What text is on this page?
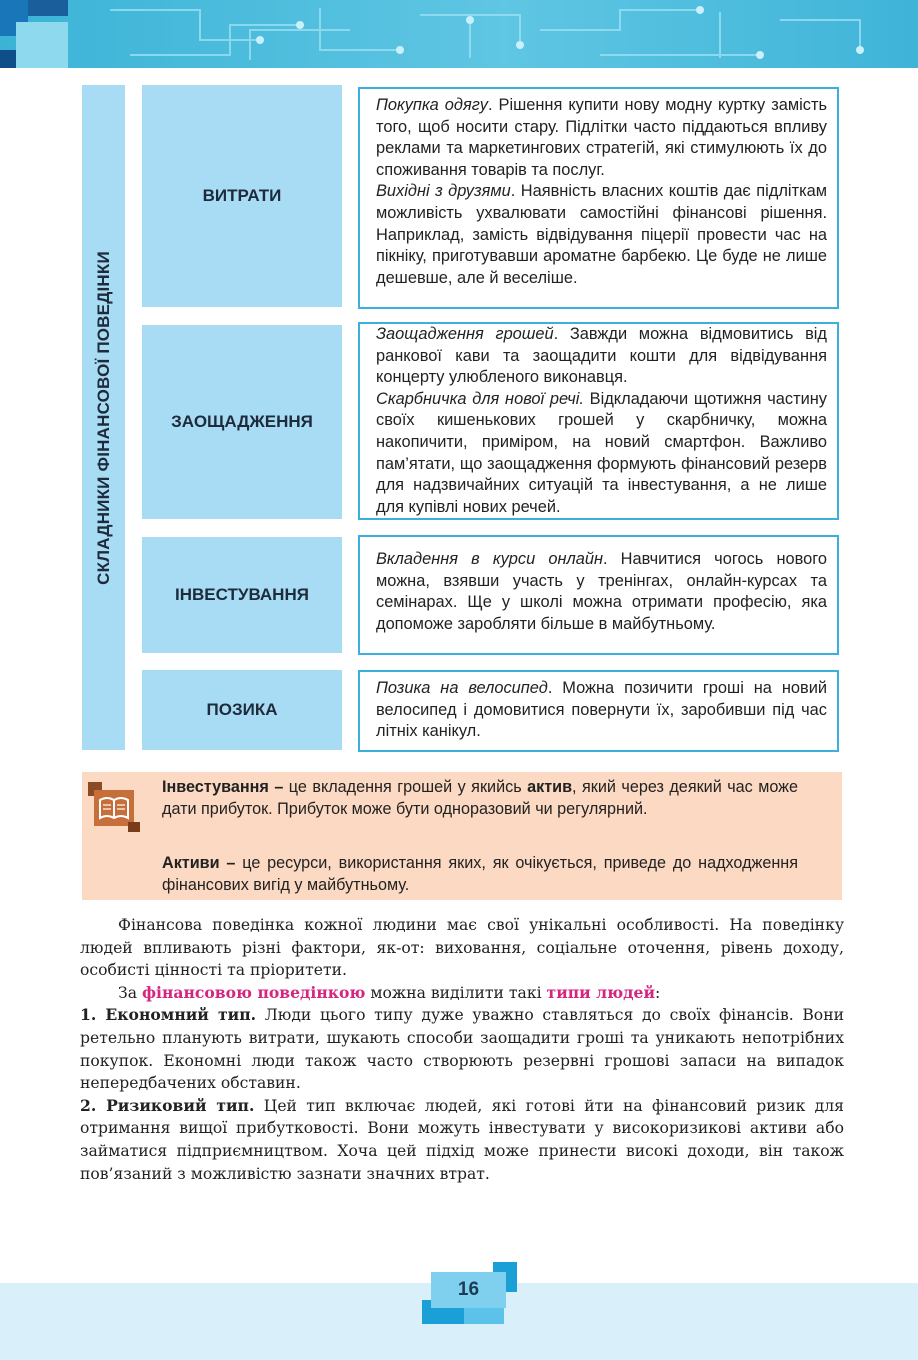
СКЛАДНИКИ ФІНАНСОВОЇ ПОВЕДІНКИ
ВИТРАТИ
Покупка одягу. Рішення купити нову модну куртку замість того, щоб носити стару. Підлітки часто піддаються впливу реклами та маркетингових стратегій, які стимулюють їх до споживання товарів та послуг.
Вихідні з друзями. Наявність власних коштів дає підліткам можливість ухвалювати самостійні фінансові рішення. Наприклад, замість відвідування піцерії провести час на пікніку, приготувавши ароматне барбекю. Це буде не лише дешевше, але й веселіше.
ЗАОЩАДЖЕННЯ
Заощадження грошей. Завжди можна відмовитись від ранкової кави та заощадити кошти для відвідування концерту улюбленого виконавця.
Скарбничка для нової речі. Відкладаючи щотижня частину своїх кишенькових грошей у скарбничку, можна накопичити, приміром, на новий смартфон. Важливо пам’ятати, що заощадження формують фінансовий резерв для надзвичайних ситуацій та інвестування, а не лише для купівлі нових речей.
ІНВЕСТУВАННЯ
Вкладення в курси онлайн. Навчитися чогось нового можна, взявши участь у тренінгах, онлайн-курсах та семінарах. Ще у школі можна отримати професію, яка допоможе заробляти більше в майбутньому.
ПОЗИКА
Позика на велосипед. Можна позичити гроші на новий велосипед і домовитися повернути їх, заробивши під час літніх канікул.

Інвестування – це вкладення грошей у якийсь актив, який через деякий час може дати прибуток. Прибуток може бути одноразовий чи регулярний.

Активи – це ресурси, використання яких, як очікується, приведе до надходження фінансових вигід у майбутньому.

Фінансова поведінка кожної людини має свої унікальні особливості. На поведінку людей впливають різні фактори, як-от: виховання, соціальне оточення, рівень доходу, особисті цінності та пріоритети.

За фінансовою поведінкою можна виділити такі типи людей:

1. Економний тип. Люди цього типу дуже уважно ставляться до своїх фінансів. Вони ретельно планують витрати, шукають способи заощадити гроші та уникають непотрібних покупок. Економні люди також часто створюють резервні грошові запаси на випадок непередбачених обставин.

2. Ризиковий тип. Цей тип включає людей, які готові йти на фінансовий ризик для отримання вищої прибутковості. Вони можуть інвестувати у високоризикові активи або займатися підприємництвом. Хоча цей підхід може принести високі доходи, він також пов’язаний з можливістю зазнати значних втрат.

16
